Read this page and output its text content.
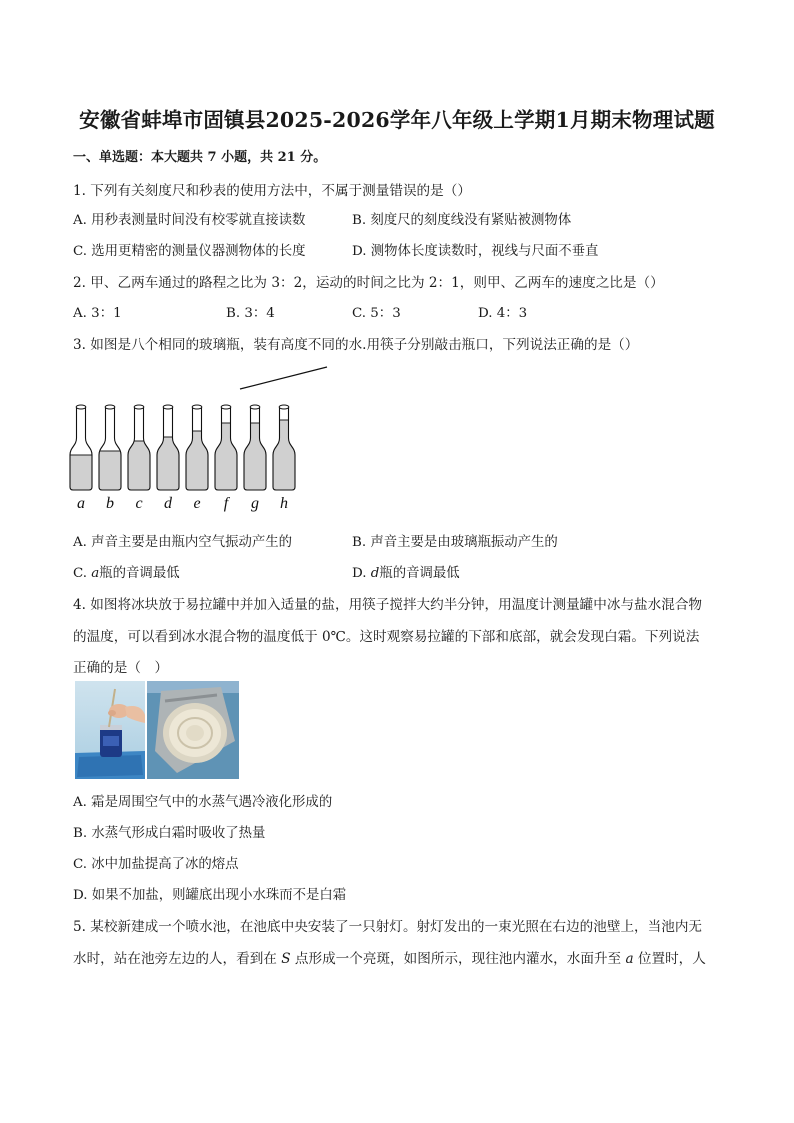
安徽省蚌埠市固镇县2025-2026学年八年级上学期1月期末物理试题
一、单选题：本大题共 7 小题，共 21 分。
1. 下列有关刻度尺和秒表的使用方法中，不属于测量错误的是（）
A. 用秒表测量时间没有校零就直接读数	B. 刻度尺的刻度线没有紧贴被测物体
C. 选用更精密的测量仪器测物体的长度	D. 测物体长度读数时，视线与尺面不垂直
2. 甲、乙两车通过的路程之比为 3：2，运动的时间之比为 2：1，则甲、乙两车的速度之比是（）
A. 3：1	B. 3：4	C. 5：3	D. 4：3
3. 如图是八个相同的玻璃瓶，装有高度不同的水.用筷子分别敲击瓶口，下列说法正确的是（）
a b c d e f g h
A. 声音主要是由瓶内空气振动产生的	B. 声音主要是由玻璃瓶振动产生的
C. a瓶的音调最低	D. d瓶的音调最低
4. 如图将冰块放于易拉罐中并加入适量的盐，用筷子搅拌大约半分钟，用温度计测量罐中冰与盐水混合物
的温度，可以看到冰水混合物的温度低于 0℃。这时观察易拉罐的下部和底部，就会发现白霜。下列说法
正确的是（　）
A. 霜是周围空气中的水蒸气遇冷液化形成的
B. 水蒸气形成白霜时吸收了热量
C. 冰中加盐提高了冰的熔点
D. 如果不加盐，则罐底出现小水珠而不是白霜
5. 某校新建成一个喷水池，在池底中央安装了一只射灯。射灯发出的一束光照在右边的池壁上，当池内无
水时，站在池旁左边的人，看到在 S 点形成一个亮斑，如图所示，现往池内灌水，水面升至 a 位置时，人
